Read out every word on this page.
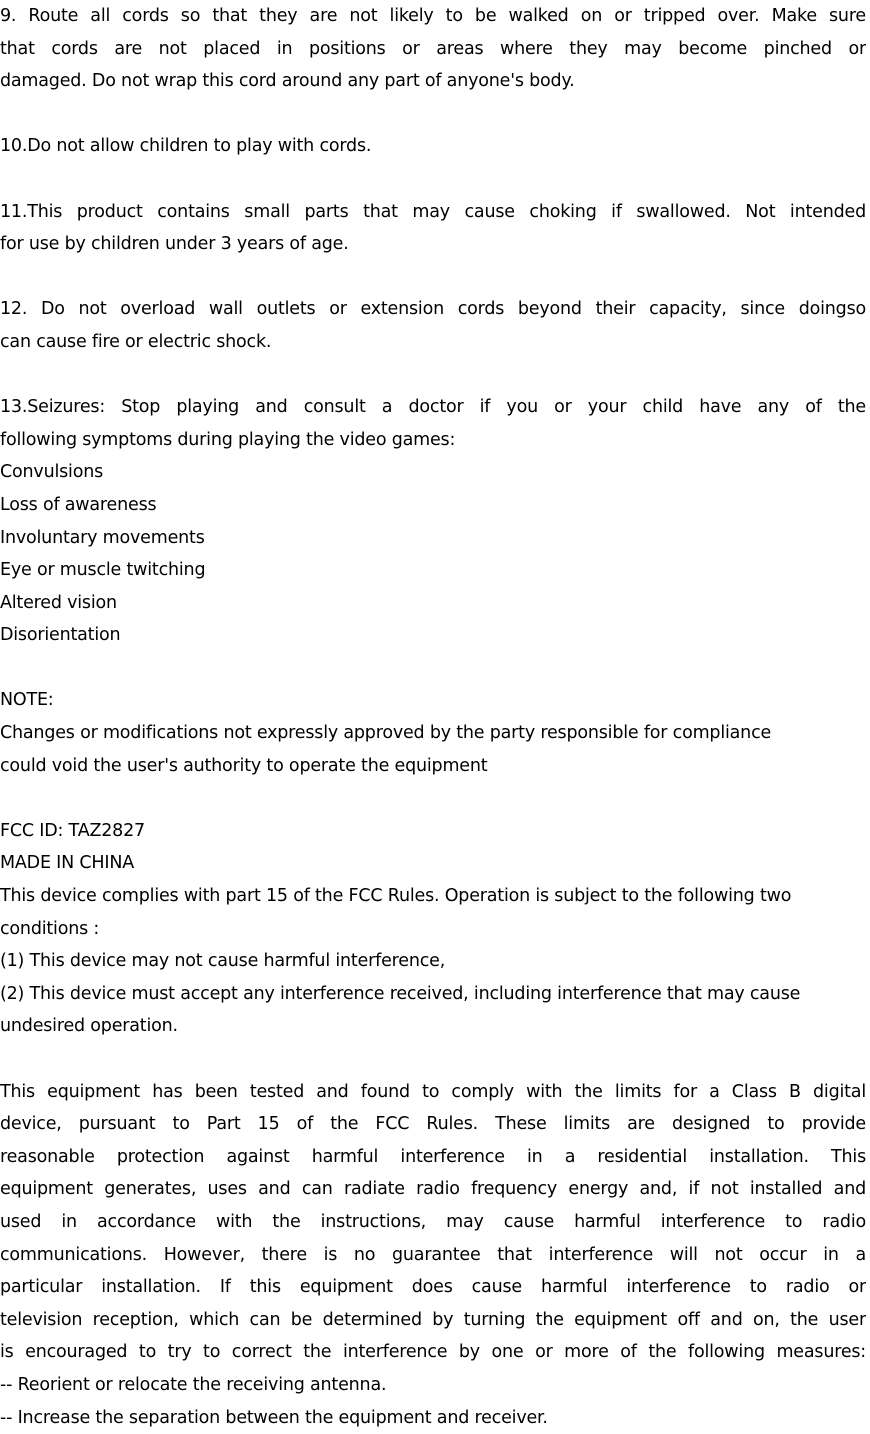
9. Route all cords so that they are not likely to be walked on or tripped over. Make sure
that cords are not placed in positions or areas where they may become pinched or
damaged. Do not wrap this cord around any part of anyone's body.
10.Do not allow children to play with cords.
11.This product contains small parts that may cause choking if swallowed. Not intended
for use by children under 3 years of age.
12. Do not overload wall outlets or extension cords beyond their capacity, since doingso
can cause fire or electric shock.
13.Seizures: Stop playing and consult a doctor if you or your child have any of the
following symptoms during playing the video games:
Convulsions
Loss of awareness
Involuntary movements
Eye or muscle twitching
Altered vision
Disorientation
NOTE:
Changes or modifications not expressly approved by the party responsible for compliance
could void the user's authority to operate the equipment
FCC ID: TAZ2827
MADE IN CHINA
This device complies with part 15 of the FCC Rules. Operation is subject to the following two
conditions :
(1) This device may not cause harmful interference,
(2) This device must accept any interference received, including interference that may cause
undesired operation.
This equipment has been tested and found to comply with the limits for a Class B digital
device, pursuant to Part 15 of the FCC Rules. These limits are designed to provide
reasonable protection against harmful interference in a residential installation. This
equipment generates, uses and can radiate radio frequency energy and, if not installed and
used in accordance with the instructions, may cause harmful interference to radio
communications. However, there is no guarantee that interference will not occur in a
particular installation. If this equipment does cause harmful interference to radio or
television reception, which can be determined by turning the equipment off and on, the user
is encouraged to try to correct the interference by one or more of the following measures:
-- Reorient or relocate the receiving antenna.
-- Increase the separation between the equipment and receiver.
